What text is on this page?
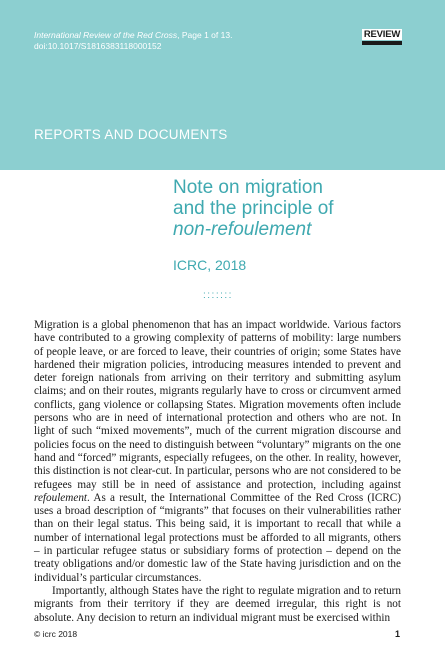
International Review of the Red Cross, Page 1 of 13.
doi:10.1017/S1816383118000152
REVIEW
REPORTS AND DOCUMENTS
Note on migration
and the principle of
non-refoulement
ICRC, 2018
:::::::

Migration is a global phenomenon that has an impact worldwide. Various factors have contributed to a growing complexity of patterns of mobility: large numbers of people leave, or are forced to leave, their countries of origin; some States have hardened their migration policies, introducing measures intended to prevent and deter foreign nationals from arriving on their territory and submitting asylum claims; and on their routes, migrants regularly have to cross or circumvent armed conflicts, gang violence or collapsing States. Migration movements often include persons who are in need of international protection and others who are not. In light of such “mixed movements”, much of the current migration discourse and policies focus on the need to distinguish between “voluntary” migrants on the one hand and “forced” migrants, especially refugees, on the other. In reality, however, this distinction is not clear-cut. In particular, persons who are not considered to be refugees may still be in need of assistance and protection, including against refoulement. As a result, the International Committee of the Red Cross (ICRC) uses a broad description of “migrants” that focuses on their vulnerabilities rather than on their legal status. This being said, it is important to recall that while a number of international legal protections must be afforded to all migrants, others – in particular refugee status or subsidiary forms of protection – depend on the treaty obligations and/or domestic law of the State having jurisdiction and on the individual’s particular circumstances.

Importantly, although States have the right to regulate migration and to return migrants from their territory if they are deemed irregular, this right is not absolute. Any decision to return an individual migrant must be exercised within

© icrc 2018	1
